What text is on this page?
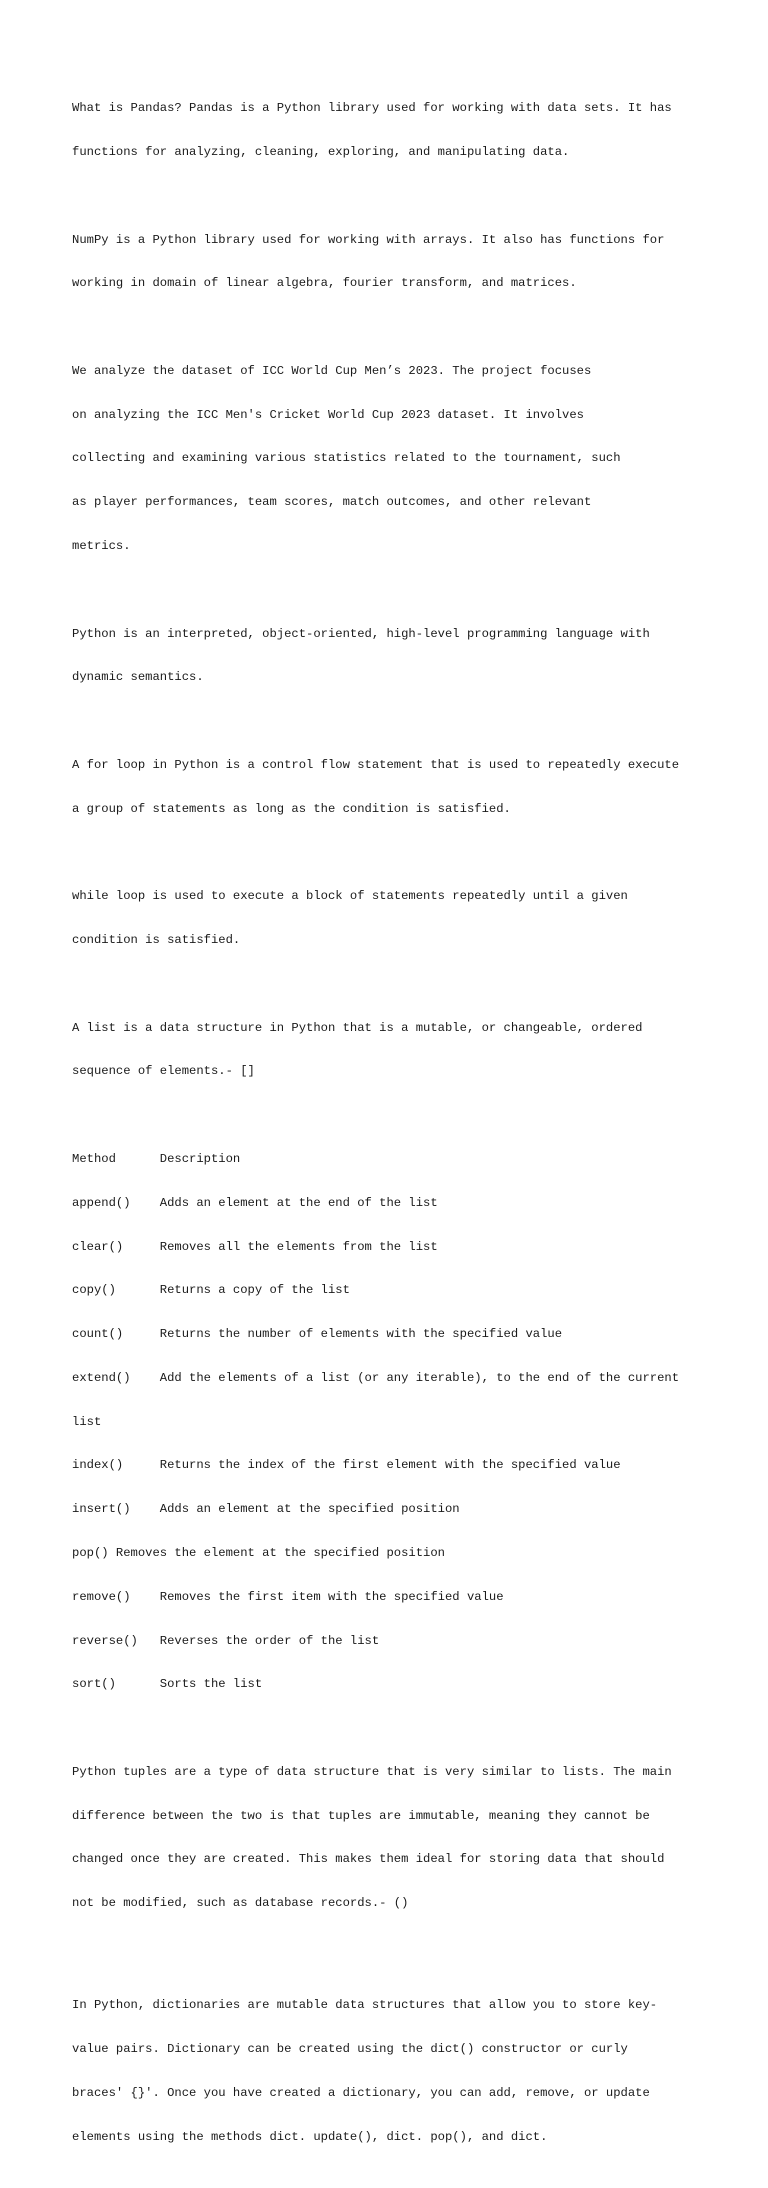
What is Pandas? Pandas is a Python library used for working with data sets. It has

functions for analyzing, cleaning, exploring, and manipulating data.

NumPy is a Python library used for working with arrays. It also has functions for

working in domain of linear algebra, fourier transform, and matrices.

We analyze the dataset of ICC World Cup Men’s 2023. The project focuses

on analyzing the ICC Men's Cricket World Cup 2023 dataset. It involves

collecting and examining various statistics related to the tournament, such

as player performances, team scores, match outcomes, and other relevant

metrics.

Python is an interpreted, object-oriented, high-level programming language with

dynamic semantics.

A for loop in Python is a control flow statement that is used to repeatedly execute

a group of statements as long as the condition is satisfied.

while loop is used to execute a block of statements repeatedly until a given

condition is satisfied.

A list is a data structure in Python that is a mutable, or changeable, ordered

sequence of elements.- []

Method      Description

append()    Adds an element at the end of the list

clear()     Removes all the elements from the list

copy()      Returns a copy of the list

count()     Returns the number of elements with the specified value

extend()    Add the elements of a list (or any iterable), to the end of the current

list

index()     Returns the index of the first element with the specified value

insert()    Adds an element at the specified position

pop() Removes the element at the specified position

remove()    Removes the first item with the specified value

reverse()   Reverses the order of the list

sort()      Sorts the list

Python tuples are a type of data structure that is very similar to lists. The main

difference between the two is that tuples are immutable, meaning they cannot be

changed once they are created. This makes them ideal for storing data that should

not be modified, such as database records.- ()

In Python, dictionaries are mutable data structures that allow you to store key-

value pairs. Dictionary can be created using the dict() constructor or curly

braces' {}'. Once you have created a dictionary, you can add, remove, or update

elements using the methods dict. update(), dict. pop(), and dict.
